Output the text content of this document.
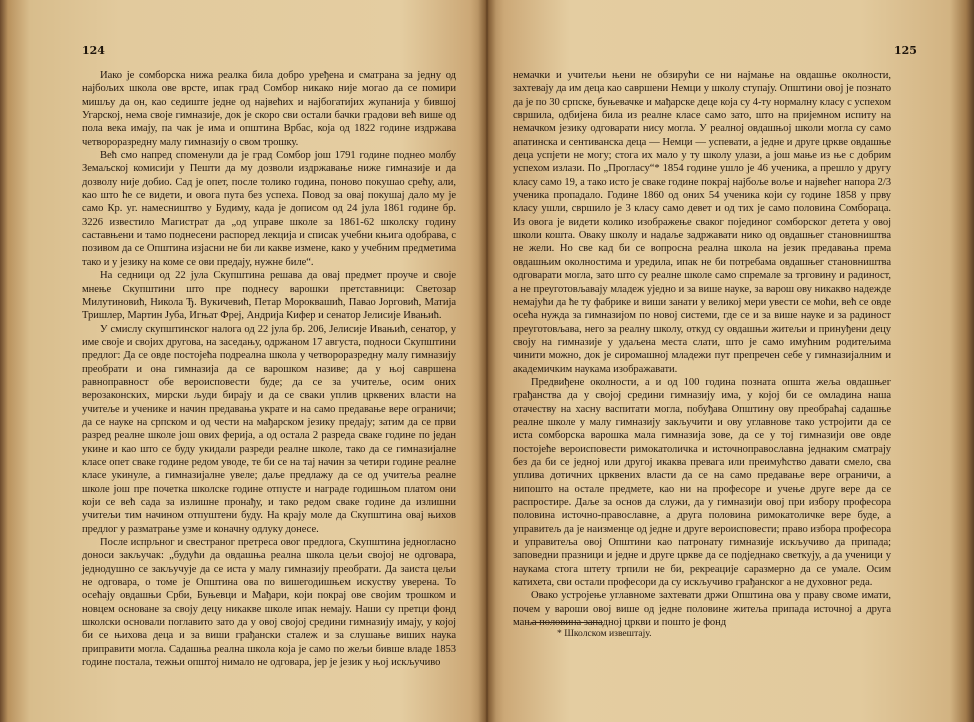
124

Иако је сомборска нижа реалка била добро уређена и сматрана за једну од најбољих школа ове врсте, ипак град Сомбор никако није могао да се помири мишљу да он, као седиште једне од највећих и најбогатијих жупанија у бившој Угарској, нема своје гимназије, док је скоро сви остали бачки градови већ више од пола века имају, па чак је има и општина Врбас, која од 1822 године издржава четвороразредну малу гимназију о свом трошку.

Већ смо напред споменули да је град Сомбор још 1791 године поднео молбу Земаљској комисији у Пешти да му дозволи издржавање ниже гимназије и да дозволу није добио. Сад је опет, после толико година, поново покушао срећу, али, као што ће се видети, и овога пута без успеха. Повод за овај покушај дало му је само Кр. уг. намесништво у Будиму, када је дописом од 24 јула 1861 године бр. 3226 известило Магистрат да „од управе школе за 1861-62 школску годину саставњени и тамо поднесени распоред лекција и списак учебни књига одобрава, с позивом да се Општина изјасни не би ли какве измене, како у учебним предметима тако и у језику на коме се ови предају, нужне биле“.

На седници од 22 јула Скупштина решава да овај предмет проуче и своје мнење Скупштини што пре поднесу варошки претставници: Светозар Милутиновић, Никола Ђ. Вукичевић, Петар Мороквашић, Павао Јорговић, Матија Тришлер, Мартин Јуба, Игњат Фреј, Андрија Кифер и сенатор Јелисије Ивањић.

У смислу скупштинског налога од 22 јула бр. 206, Јелисије Ивањић, сенатор, у име своје и својих другова, на заседању, одржаном 17 августа, подноси Скупштини предлог: Да се овде постојећа подреална школа у четвороразредну малу гимназију преобрати и она гимназија да се варошком називе; да у њој савршена равноправност обе вероисповести буде; да се за учитеље, осим оних верозаконских, мирски људи бирају и да се сваки уплив црквених власти на учитеље и ученике и начин предавања украте и на само предавање вере ограничи; да се науке на српском и од чести на мађарском језику предају; затим да се први разред реалне школе још ових ферија, а од остала 2 разреда сваке године по један укине и као што се буду укидали разреди реалне школе, тако да се гимназијалне класе опет сваке године редом уводе, те би се на тај начин за четири године реалне класе укинуле, а гимназијалне увеле; даље предлажу да се од учитеља реалне школе још пре почетка школске године отпусте и награде годишњом платом они који се већ сада за излишне пронађу, и тако редом сваке године да излишни учитељи тим начином отпуштени буду. На крају моле да Скупштина овај њихов предлог у разматрање узме и коначну одлуку донесе.

После испрљног и свестраног претреса овог предлога, Скупштина једногласно доноси закључак: „будући да овдашња реална школа цељи својој не одговара, једнодушно се закључује да се иста у малу гимназију преобрати. Да заиста цељи не одговара, о томе је Општина ова по вишегодишњем искуству уверена. То осећају овдашњи Срби, Буњевци и Мађари, који покрај ове својим трошком и новцем основане за своју децу никакве школе ипак немају. Наши су претци фонд школски основали поглавито зато да у овој својој средини гимназију имају, у којој би се њихова деца и за виши грађански сталеж и за слушање виших наука приправити могла. Садашња реална школа која је само по жељи бивше владе 1853 године постала, тежњи општој нимало не одговара, јер је језик у њој искључиво

125

немачки и учитељи њени не обзирући се ни најмање на овдашње околности, захтевају да им деца као савршени Немци у школу ступају. Општини овој је познато да је по 30 српске, буњевачке и мађарске деце која су 4-ту нормалну класу с успехом свршила, одбијена била из реалне класе само зато, што на пријемном испиту на немачком језику одговарати нису могла. У реалној овдашњој школи могла су само апатинска и сентиванска деца — Немци — успевати, а једне и друге цркве овдашње деца успјети не могу; стога их мало у ту школу улази, а још мање из ње с добрим успехом излази. По „Прогласу“* 1854 године ушло је 46 ученика, а прешло у другу класу само 19, а тако исто је сваке године покрај најбоље воље и највећег напора 2/3 ученика пропадало. Године 1860 од оних 54 ученика који су године 1858 у прву класу ушли, свршило је 3 класу само девет и од тих је само половина Сомбораца. Из овога је видети колико изображење сваког појединог сомборског детета у овој школи кошта. Оваку школу и надаље задржавати нико од овдашњег становништва не жели. Но све кад би се вопросна реална школа на језик предавања према овдашњим околностима и уредила, ипак не би потребама овдашњег становништва одговарати могла, зато што су реалне школе само спремале за трговину и радиност, а не преуготовљавају младеж уједно и за више науке, за варош ову никакво надежде немајући да ће ту фабрике и виши занати у великој мери увести се моћи, већ се овде осећа нужда за гимназијом по новој системи, где се и за више науке и за радиност преуготовљава, него за реалну школу, откуд су овдашњи житељи и принуђени децу своју на гимназије у удаљена места слати, што је само имућним родитељима чинити можно, док је сиромашној младежи пут препречен себе у гимназијалним и академичким наукама изображавати.

Предвиђене околности, а и од 100 година позната општа жеља овдашњег грађанства да у својој средини гимназију има, у којој би се омладина наша отачеству на хасну васпитати могла, побуђава Општину ову преобраћај садашње реалне школе у малу гимназију закључити и ову углавнове тако устројити да се иста сомборска варошка мала гимназија зове, да се у тој гимназији ове овде постојеће вероисповести римокатоличка и источноправославна једнаким сматрају без да би се једној или другој икаква превага или преимућство давати смело, сва уплива дотичних црквених власти да се на само предавање вере ограничи, а нипошто на остале предмете, као ни на професоре и учење друге вере да се распростире. Даље за основ да служи, да у гимназији овој при избору професора половина источно-православне, а друга половина римокатоличке вере буде, а управитељ да је наизменце од једне и друге вероисповести; право избора професора и управитеља овој Општини као патронату гимназије искључиво да припада; заповедни празници и једне и друге цркве да се подједнако светкују, а да ученици у наукама стога штету трпили не би, рекреације саразмерно да се умале. Осим катихета, сви остали професори да су искључиво грађанског а не духовног реда.

Овако устројење углавноме захтевати држи Општина ова у праву своме имати, почем у вароши овој више од једне половине житеља припада источној а друга мања половина западној цркви и пошто је фонд

* Школском извештају.
